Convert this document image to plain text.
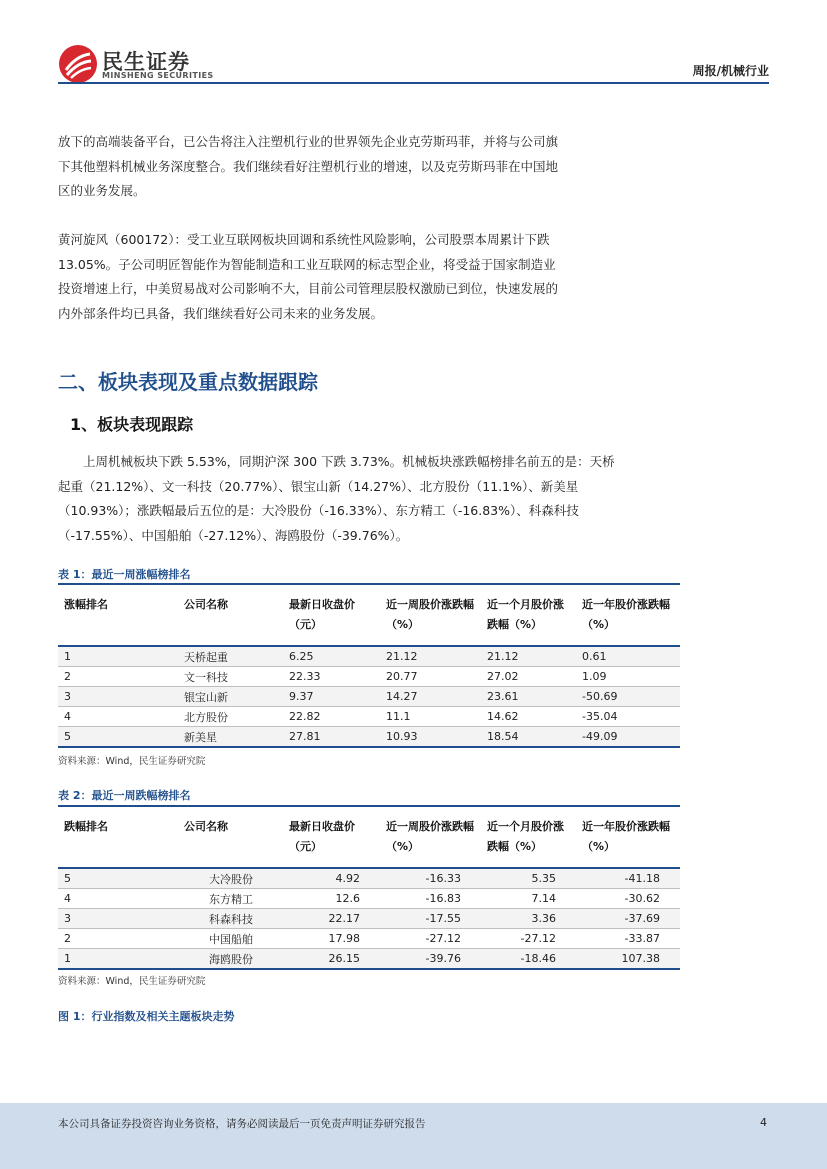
民生证券
MINSHENG SECURITIES	周报/机械行业
放下的高端装备平台，已公告将注入注塑机行业的世界领先企业克劳斯玛菲，并将与公司旗下其他塑料机械业务深度整合。我们继续看好注塑机行业的增速，以及克劳斯玛菲在中国地区的业务发展。
黄河旋风（600172）：受工业互联网板块回调和系统性风险影响，公司股票本周累计下跌13.05%。子公司明匠智能作为智能制造和工业互联网的标志型企业，将受益于国家制造业投资增速上行，中美贸易战对公司影响不大，目前公司管理层股权激励已到位，快速发展的内外部条件均已具备，我们继续看好公司未来的业务发展。
二、板块表现及重点数据跟踪
1、板块表现跟踪
上周机械板块下跌 5.53%，同期沪深 300 下跌 3.73%。机械板块涨跌幅榜排名前五的是：天桥起重（21.12%）、文一科技（20.77%）、银宝山新（14.27%）、北方股份（11.1%）、新美星（10.93%）；涨跌幅最后五位的是：大冷股份（-16.33%）、东方精工（-16.83%）、科森科技（-17.55%）、中国船舶（-27.12%）、海鸥股份（-39.76%）。
表 1：最近一周涨幅榜排名
涨幅排名	公司名称	最新日收盘价（元）	近一周股价涨跌幅（%）	近一个月股价涨跌幅（%）	近一年股价涨跌幅（%）
1	天桥起重	6.25	21.12	21.12	0.61
2	文一科技	22.33	20.77	27.02	1.09
3	银宝山新	9.37	14.27	23.61	-50.69
4	北方股份	22.82	11.1	14.62	-35.04
5	新美星	27.81	10.93	18.54	-49.09
资料来源：Wind，民生证券研究院
表 2：最近一周跌幅榜排名
跌幅排名	公司名称	最新日收盘价（元）	近一周股价涨跌幅（%）	近一个月股价涨跌幅（%）	近一年股价涨跌幅（%）
5	大冷股份	4.92	-16.33	5.35	-41.18
4	东方精工	12.6	-16.83	7.14	-30.62
3	科森科技	22.17	-17.55	3.36	-37.69
2	中国船舶	17.98	-27.12	-27.12	-33.87
1	海鸥股份	26.15	-39.76	-18.46	107.38
资料来源：Wind，民生证券研究院
图 1：行业指数及相关主题板块走势
本公司具备证券投资咨询业务资格，请务必阅读最后一页免责声明证券研究报告	4
